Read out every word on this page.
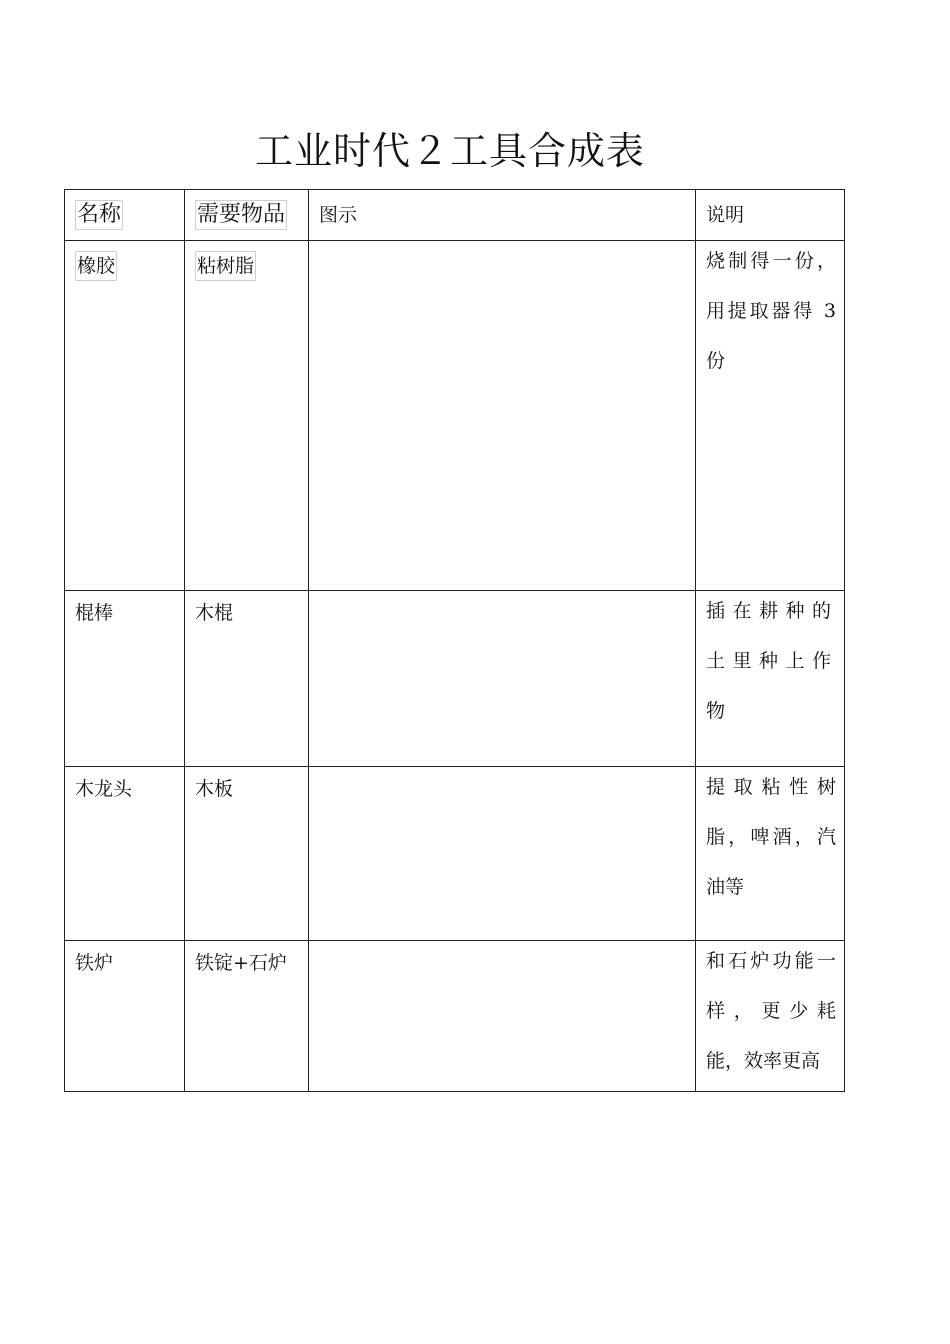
工业时代２工具合成表
名称	需要物品	图示	说明
橡胶	粘树脂		烧制得一份，用提取器得 3 份

棍棒	木棍		插在耕种的土里种上作物

木龙头	木板		提取粘性树脂，啤酒，汽油等

铁炉	铁锭+石炉		和石炉功能一样，更少耗能，效率更高
